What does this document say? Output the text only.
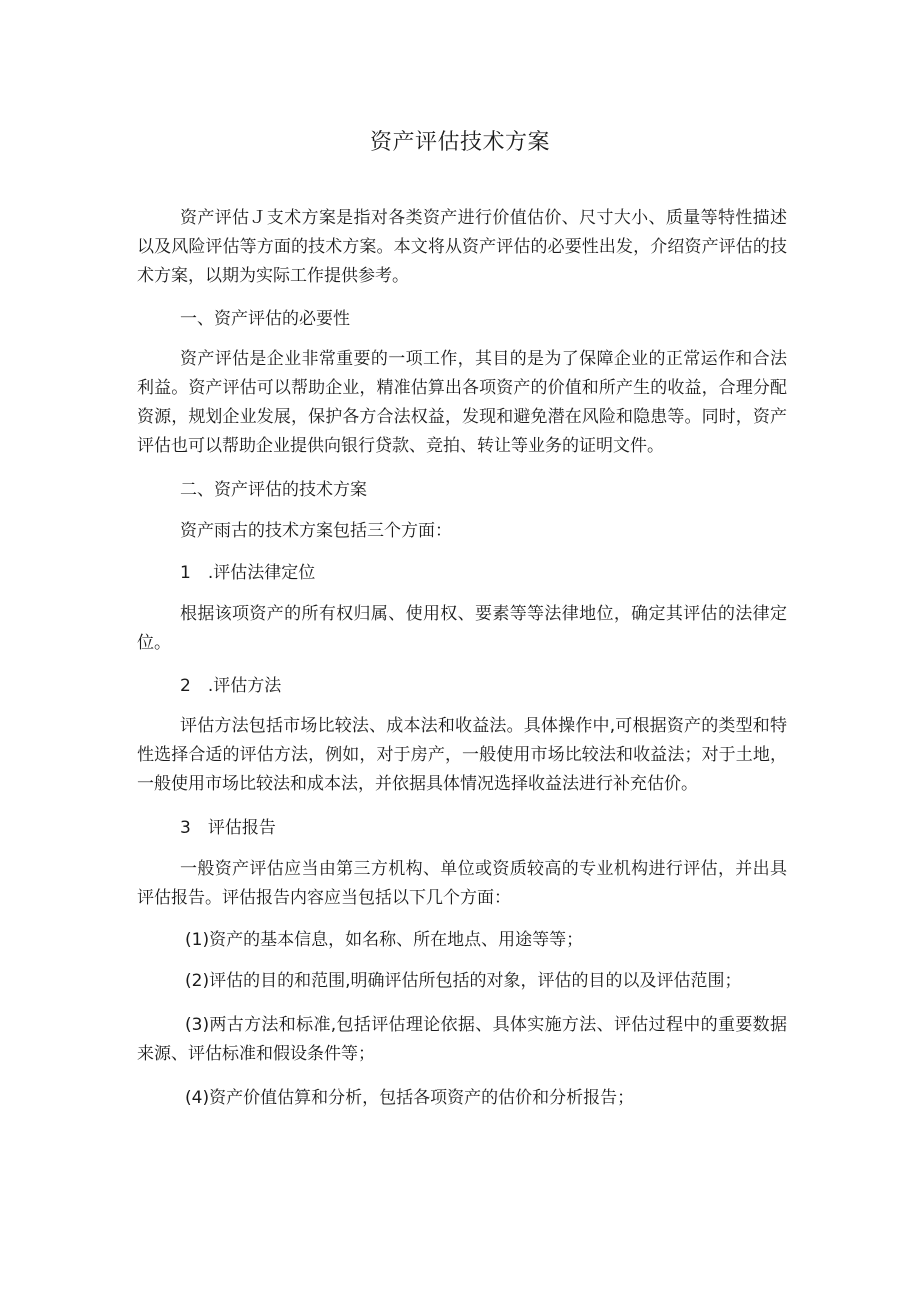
资产评估技术方案

资产评估Ｊ支术方案是指对各类资产进行价值估价、尺寸大小、质量等特性描述以及风险评估等方面的技术方案。本文将从资产评估的必要性出发，介绍资产评估的技术方案，以期为实际工作提供参考。

一、资产评估的必要性

资产评估是企业非常重要的一项工作，其目的是为了保障企业的正常运作和合法利益。资产评估可以帮助企业，精准估算出各项资产的价值和所产生的收益，合理分配资源，规划企业发展，保护各方合法权益，发现和避免潜在风险和隐患等。同时，资产评估也可以帮助企业提供向银行贷款、竞拍、转让等业务的证明文件。

二、资产评估的技术方案

资产雨古的技术方案包括三个方面：

1　.评估法律定位

根据该项资产的所有权归属、使用权、要素等等法律地位，确定其评估的法律定位。

2　.评估方法

评估方法包括市场比较法、成本法和收益法。具体操作中,可根据资产的类型和特性选择合适的评估方法，例如，对于房产，一般使用市场比较法和收益法；对于土地，一般使用市场比较法和成本法，并依据具体情况选择收益法进行补充估价。

3　评估报告

一般资产评估应当由第三方机构、单位或资质较高的专业机构进行评估，并出具评估报告。评估报告内容应当包括以下几个方面：

(1)资产的基本信息，如名称、所在地点、用途等等；

(2)评估的目的和范围,明确评估所包括的对象，评估的目的以及评估范围；

(3)两古方法和标准,包括评估理论依据、具体实施方法、评估过程中的重要数据来源、评估标准和假设条件等；

(4)资产价值估算和分析，包括各项资产的估价和分析报告；
